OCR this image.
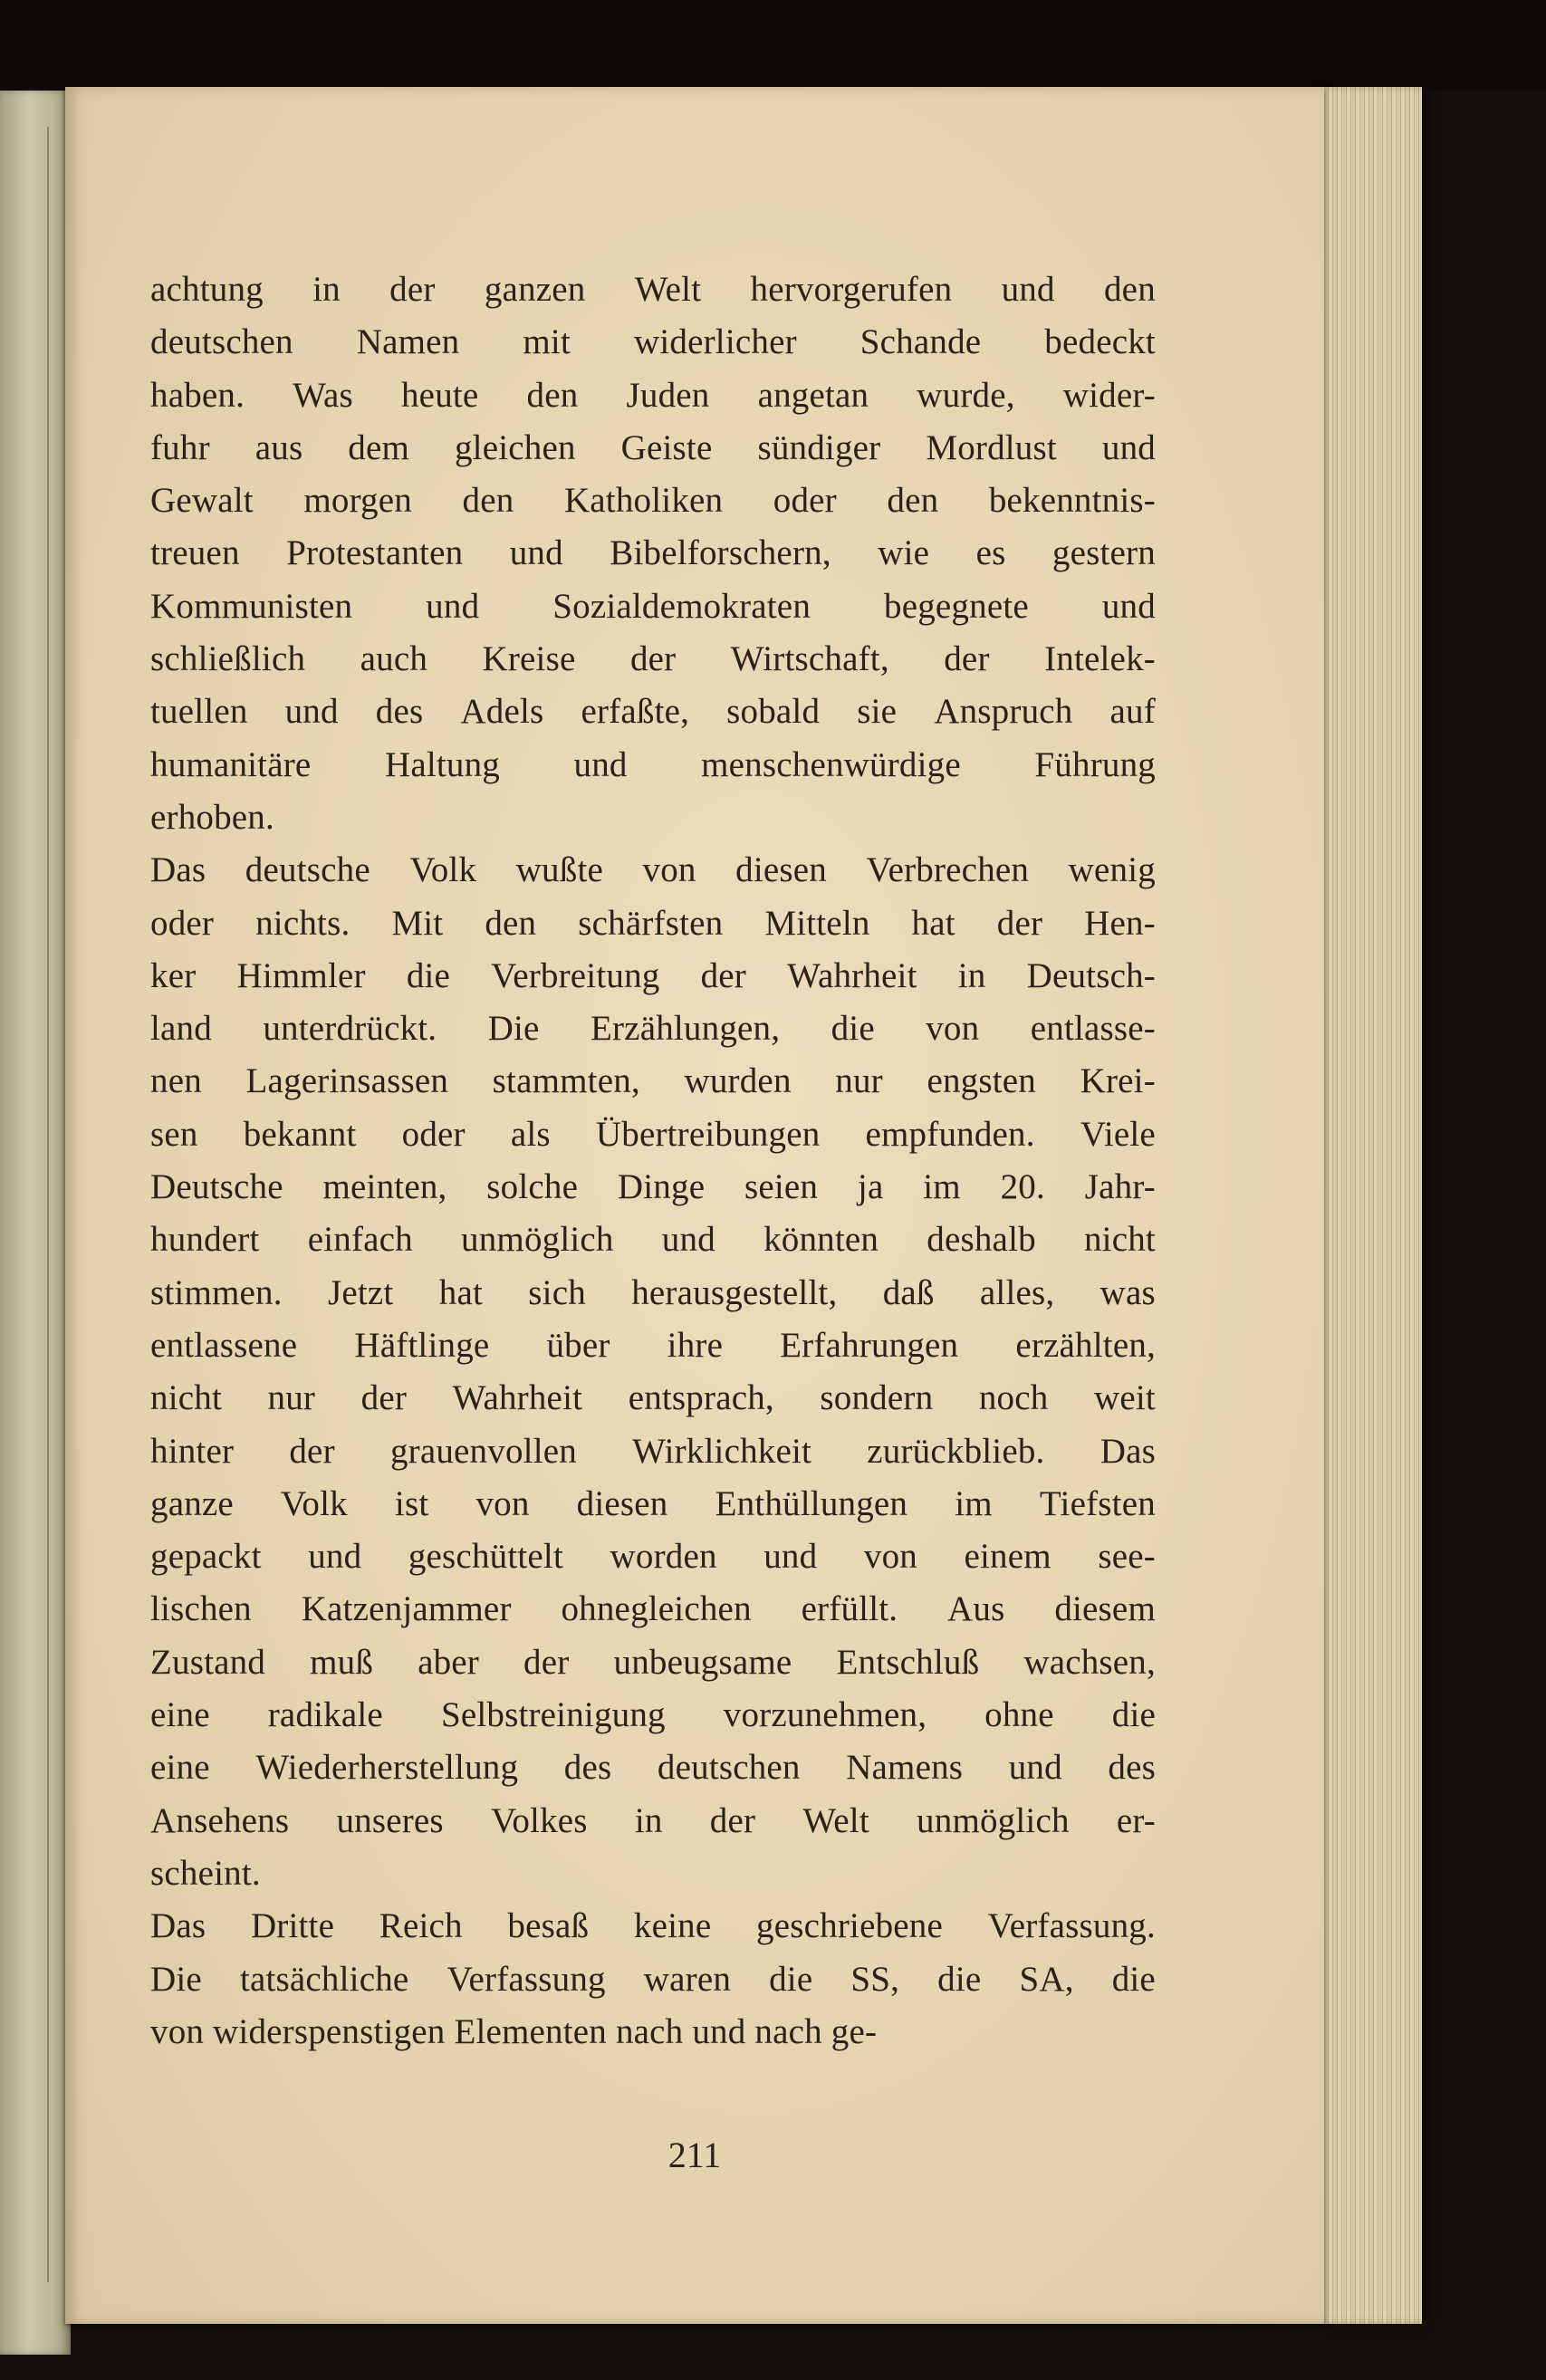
achtung in der ganzen Welt hervorgerufen und den
deutschen Namen mit widerlicher Schande bedeckt
haben. Was heute den Juden angetan wurde, wider-
fuhr aus dem gleichen Geiste sündiger Mordlust und
Gewalt morgen den Katholiken oder den bekenntnis-
treuen Protestanten und Bibelforschern, wie es gestern
Kommunisten und Sozialdemokraten begegnete und
schließlich auch Kreise der Wirtschaft, der Intelek-
tuellen und des Adels erfaßte, sobald sie Anspruch auf
humanitäre Haltung und menschenwürdige Führung
erhoben.
Das deutsche Volk wußte von diesen Verbrechen wenig
oder nichts. Mit den schärfsten Mitteln hat der Hen-
ker Himmler die Verbreitung der Wahrheit in Deutsch-
land unterdrückt. Die Erzählungen, die von entlasse-
nen Lagerinsassen stammten, wurden nur engsten Krei-
sen bekannt oder als Übertreibungen empfunden. Viele
Deutsche meinten, solche Dinge seien ja im 20. Jahr-
hundert einfach unmöglich und könnten deshalb nicht
stimmen. Jetzt hat sich herausgestellt, daß alles, was
entlassene Häftlinge über ihre Erfahrungen erzählten,
nicht nur der Wahrheit entsprach, sondern noch weit
hinter der grauenvollen Wirklichkeit zurückblieb. Das
ganze Volk ist von diesen Enthüllungen im Tiefsten
gepackt und geschüttelt worden und von einem see-
lischen Katzenjammer ohnegleichen erfüllt. Aus diesem
Zustand muß aber der unbeugsame Entschluß wachsen,
eine radikale Selbstreinigung vorzunehmen, ohne die
eine Wiederherstellung des deutschen Namens und des
Ansehens unseres Volkes in der Welt unmöglich er-
scheint.
Das Dritte Reich besaß keine geschriebene Verfassung.
Die tatsächliche Verfassung waren die SS, die SA, die
von widerspenstigen Elementen nach und nach ge-
211
